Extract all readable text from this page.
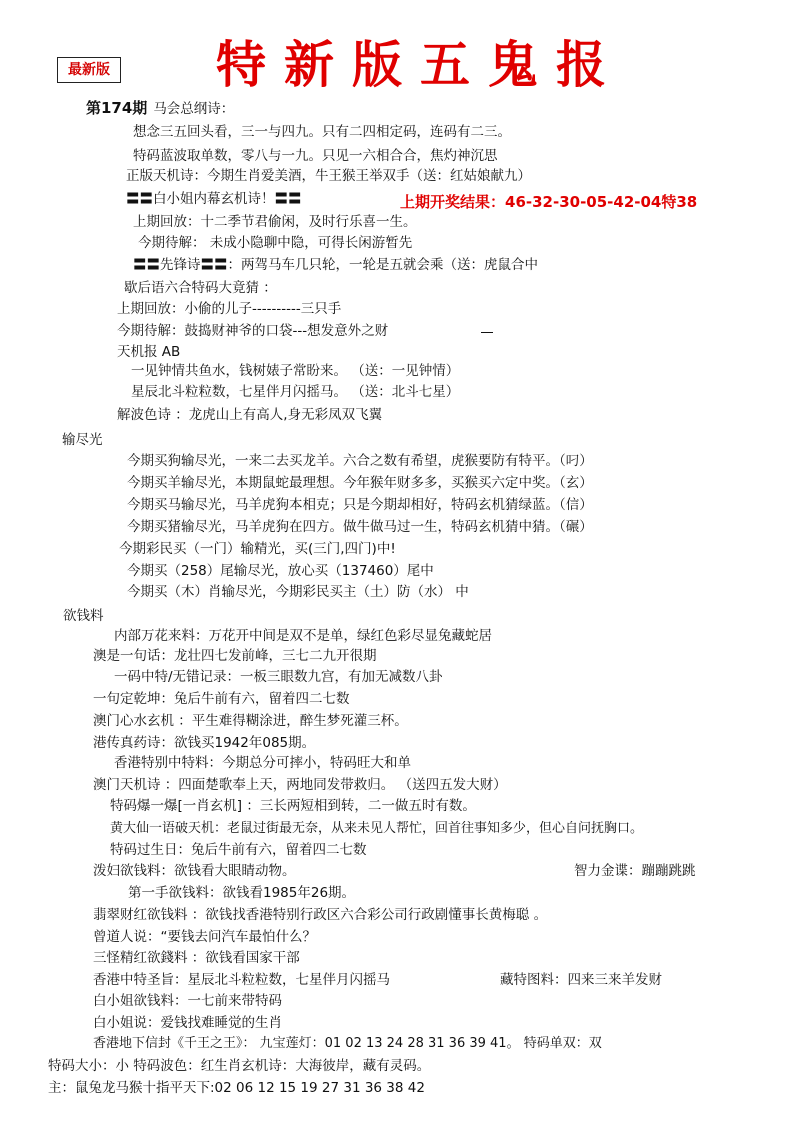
最新版	特新版五鬼报
第174期 马会总纲诗：
想念三五回头看，三一与四九。只有二四相定码，连码有二三。
特码蓝波取单数，零八与一九。只见一六相合合，焦灼神沉思
正版天机诗：今期生肖爱美酒，牛王猴王举双手（送：红姑娘献九）
〓〓白小姐内幕玄机诗！〓〓	上期开奖结果：46-32-30-05-42-04特38
上期回放：十二季节君偷闲，及时行乐喜一生。
今期待解： 未成小隐聊中隐，可得长闲游暂先
〓〓先锋诗〓〓：两驾马车几只轮，一轮是五就会乘（送：虎鼠合中
歇后语六合特码大竟猜 ：
上期回放：小偷的儿子----------三只手
今期待解：鼓捣财神爷的口袋---想发意外之财
天机报 AB
一见钟情共鱼水，钱树婊子常盼来。 （送：一见钟情）
星辰北斗粒粒数，七星伴月闪摇马。 （送：北斗七星）
解波色诗 ：龙虎山上有高人,身无彩凤双飞翼
输尽光
今期买狗输尽光，一来二去买龙羊。六合之数有希望，虎猴要防有特平。（叼）
今期买羊输尽光，本期鼠蛇最理想。今年猴年财多多，买猴买六定中奖。（玄）
今期买马输尽光，马羊虎狗本相克；只是今期却相好，特码玄机猜绿蓝。（信）
今期买猪输尽光，马羊虎狗在四方。做牛做马过一生，特码玄机猜中猜。（碾）
今期彩民买（一门）输精光，买(三门,四门)中!
今期买（258）尾输尽光，放心买（137460）尾中
今期买（木）肖输尽光，今期彩民买主（土）防（水） 中
欲钱料
内部万花来料：万花开中间是双不是单，绿红色彩尽显兔藏蛇居
澳是一句话：龙壮四七发前峰，三七二九开很期
一码中特/无错记录：一板三眼数九宫，有加无减数八卦
一句定乾坤：兔后牛前有六，留着四二七数
澳门心水玄机 ：平生难得糊涂进，醉生梦死灌三杯。
港传真药诗：欲钱买1942年085期。
香港特别中特料：今期总分可摔小，特码旺大和单
澳门天机诗 ：四面楚歌奉上天，两地同发带救归。 （送四五发大财）
特码爆一爆[一肖玄机] ：三长两短相到转，二一做五时有数。
黄大仙一语破天机：老鼠过街最无奈，从来未见人帮忙，回首往事知多少，但心自问抚胸口。
特码过生日：兔后牛前有六，留着四二七数
泼妇欲钱料：欲钱看大眼睛动物。	智力金谍：蹦蹦跳跳
第一手欲钱料：欲钱看1985年26期。
翡翠财红欲钱料 ：欲钱找香港特别行政区六合彩公司行政剧懂事长黄梅聪 。
曾道人说：“要钱去问汽车最怕什么？
三怪精红欲錢料 ：欲钱看国家干部
香港中特圣旨：星辰北斗粒粒数，七星伴月闪摇马	藏特图料：四来三来羊发财
白小姐欲钱料：一七前来带特码
白小姐说：爱钱找难睡觉的生肖
香港地下信封《千王之王》： 九宝莲灯：01 02 13 24 28 31 36 39 41。 特码单双：双
特码大小：小 特码波色：红生肖玄机诗：大海彼岸，藏有灵码。
主：鼠兔龙马猴十指平天下:02 06 12 15 19 27 31 36 38 42
